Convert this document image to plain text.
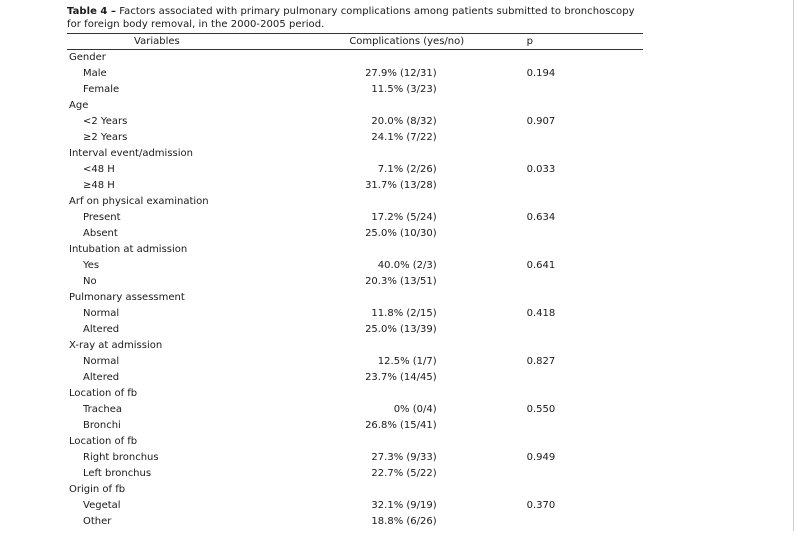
Table 4 – Factors associated with primary pulmonary complications among patients submitted to bronchoscopy for foreign body removal, in the 2000-2005 period.

Variables	Complications (yes/no)	p
Gender		
Male	27.9% (12/31)	0.194
Female	11.5% (3/23)	
Age		
<2 Years	20.0% (8/32)	0.907
≥2 Years	24.1% (7/22)	
Interval event/admission		
<48 H	7.1% (2/26)	0.033
≥48 H	31.7% (13/28)	
Arf on physical examination		
Present	17.2% (5/24)	0.634
Absent	25.0% (10/30)	
Intubation at admission		
Yes	40.0% (2/3)	0.641
No	20.3% (13/51)	
Pulmonary assessment		
Normal	11.8% (2/15)	0.418
Altered	25.0% (13/39)	
X-ray at admission		
Normal	12.5% (1/7)	0.827
Altered	23.7% (14/45)	
Location of fb		
Trachea	0% (0/4)	0.550
Bronchi	26.8% (15/41)	
Location of fb		
Right bronchus	27.3% (9/33)	0.949
Left bronchus	22.7% (5/22)	
Origin of fb		
Vegetal	32.1% (9/19)	0.370
Other	18.8% (6/26)	
